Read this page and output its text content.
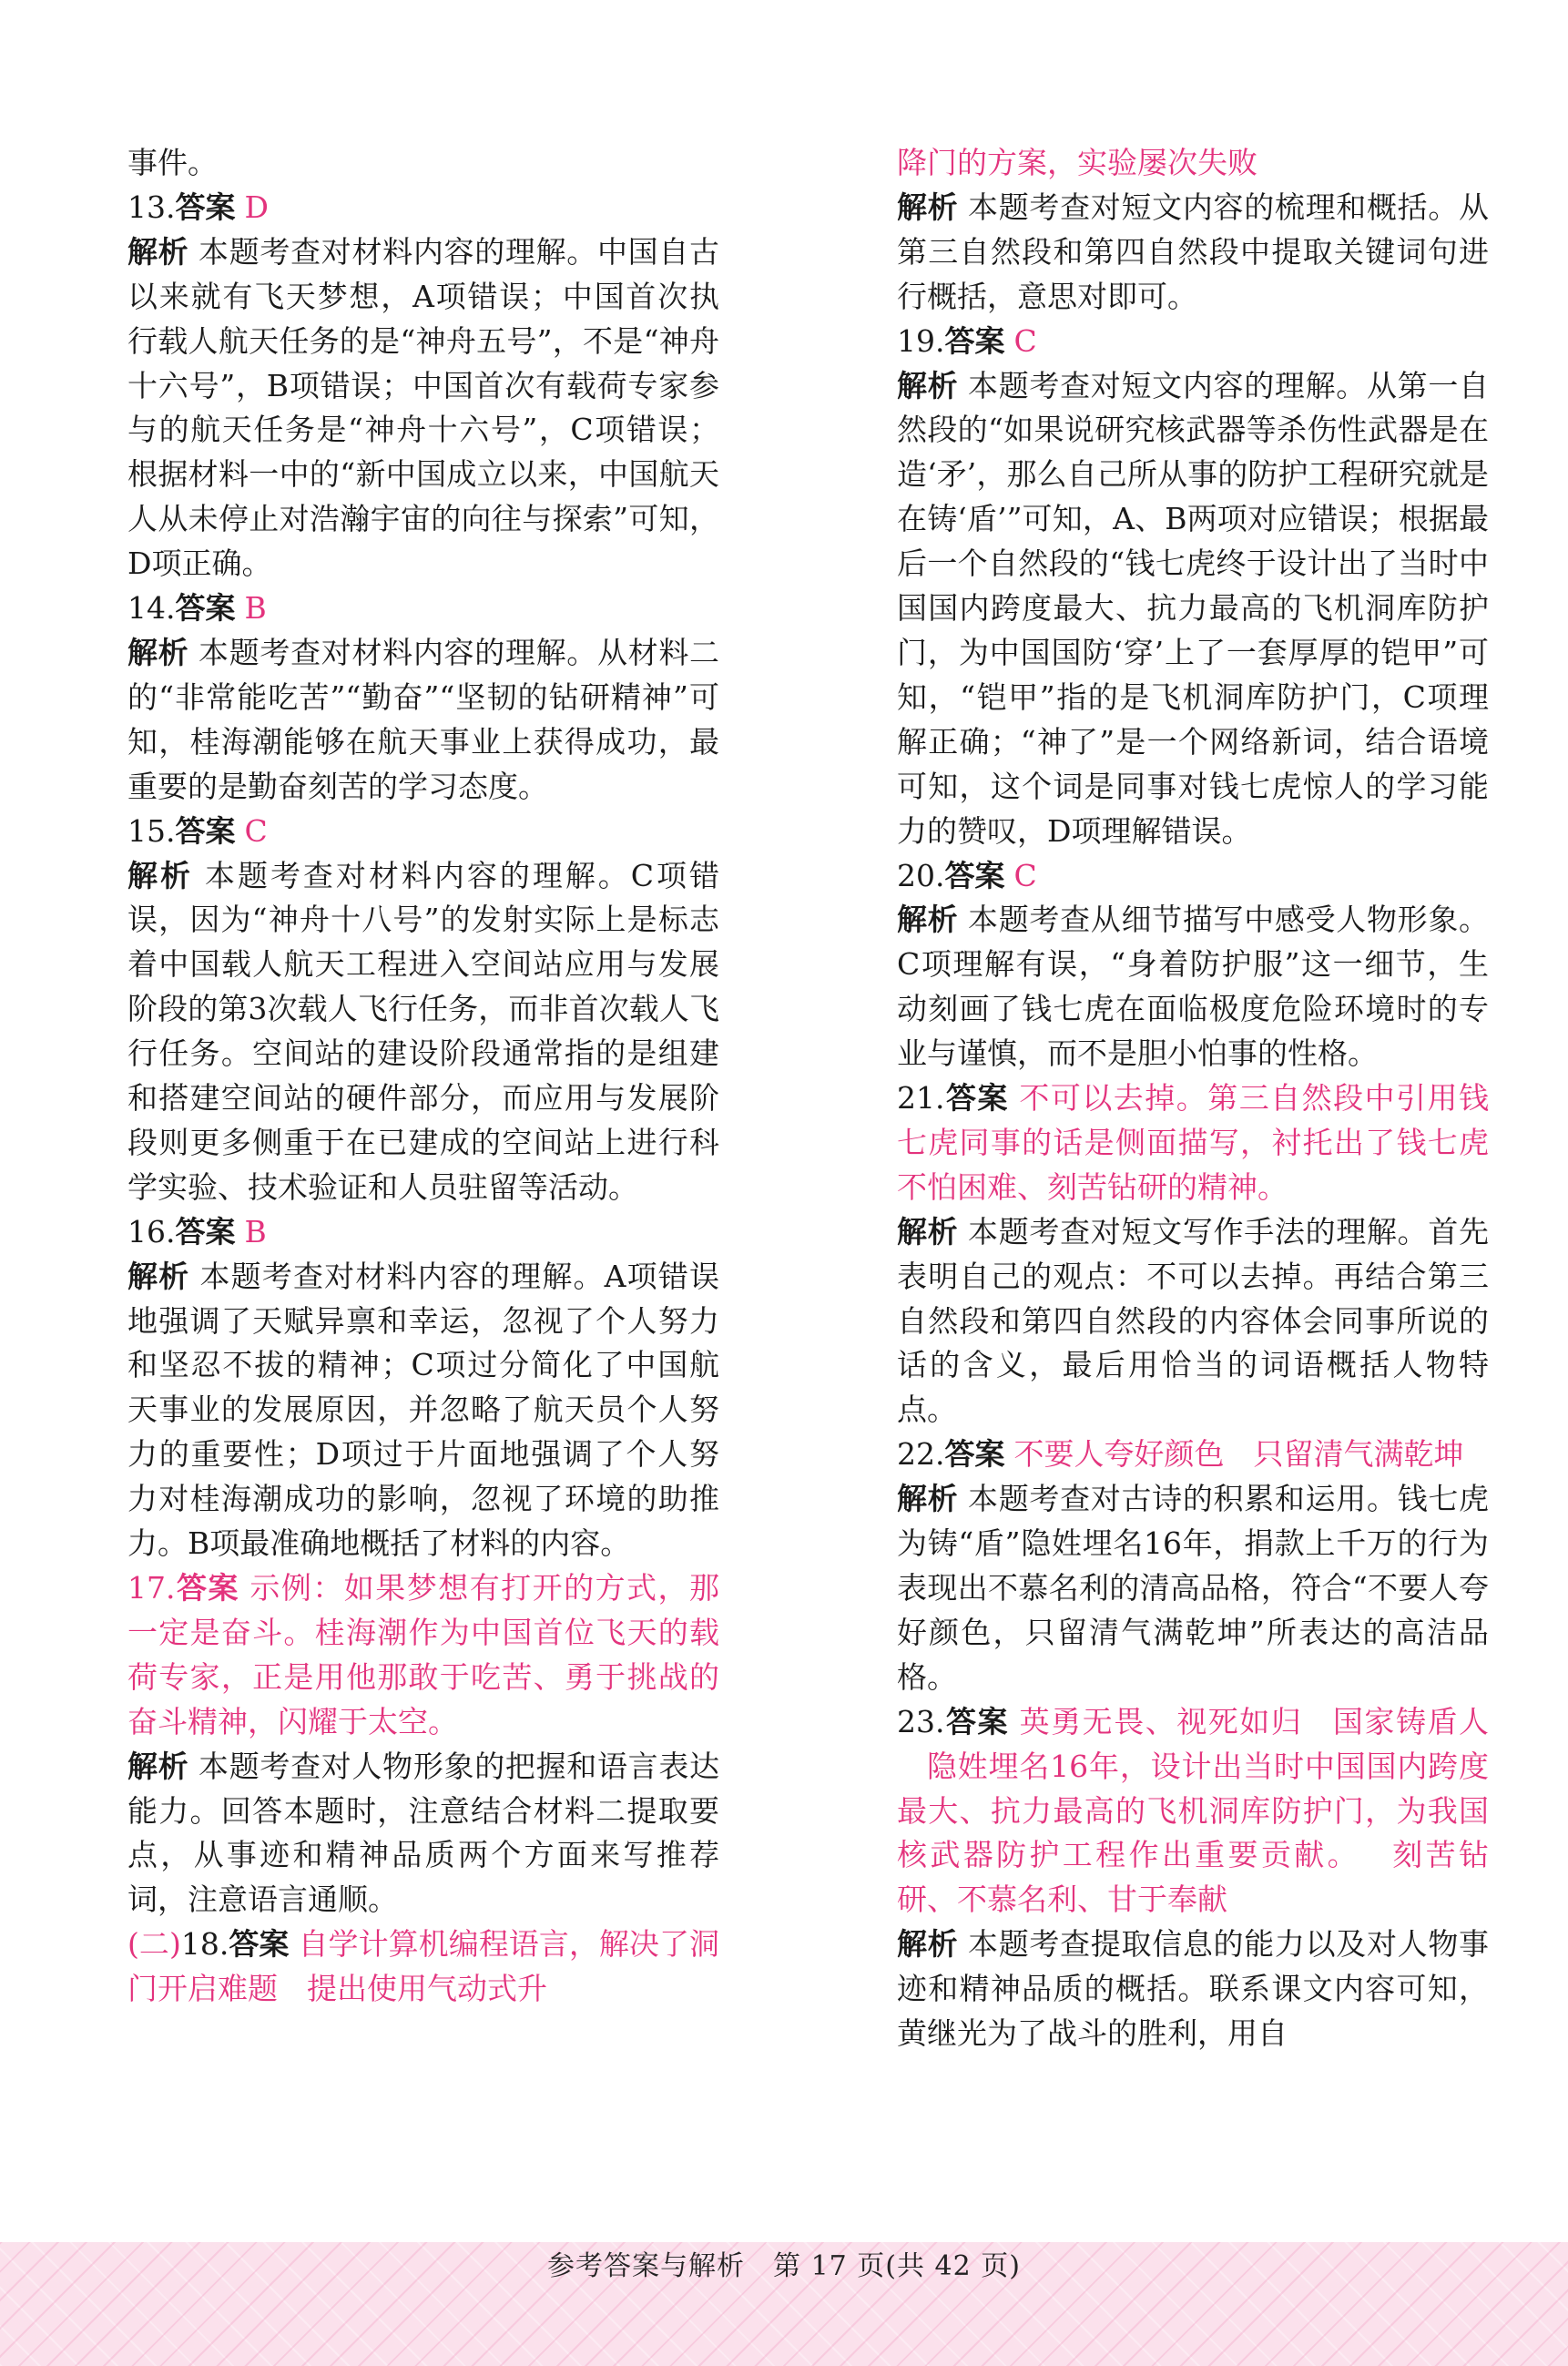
事件。

13.答案 D

解析 本题考查对材料内容的理解。中国自古以来就有飞天梦想，A项错误；中国首次执行载人航天任务的是“神舟五号”，不是“神舟十六号”，B项错误；中国首次有载荷专家参与的航天任务是“神舟十六号”，C项错误；根据材料一中的“新中国成立以来，中国航天人从未停止对浩瀚宇宙的向往与探索”可知，D项正确。

14.答案 B

解析 本题考查对材料内容的理解。从材料二的“非常能吃苦”“勤奋”“坚韧的钻研精神”可知，桂海潮能够在航天事业上获得成功，最重要的是勤奋刻苦的学习态度。

15.答案 C

解析 本题考查对材料内容的理解。C项错误，因为“神舟十八号”的发射实际上是标志着中国载人航天工程进入空间站应用与发展阶段的第3次载人飞行任务，而非首次载人飞行任务。空间站的建设阶段通常指的是组建和搭建空间站的硬件部分，而应用与发展阶段则更多侧重于在已建成的空间站上进行科学实验、技术验证和人员驻留等活动。

16.答案 B

解析 本题考查对材料内容的理解。A项错误地强调了天赋异禀和幸运，忽视了个人努力和坚忍不拔的精神；C项过分简化了中国航天事业的发展原因，并忽略了航天员个人努力的重要性；D项过于片面地强调了个人努力对桂海潮成功的影响，忽视了环境的助推力。B项最准确地概括了材料的内容。

17.答案 示例：如果梦想有打开的方式，那一定是奋斗。桂海潮作为中国首位飞天的载荷专家，正是用他那敢于吃苦、勇于挑战的奋斗精神，闪耀于太空。

解析 本题考查对人物形象的把握和语言表达能力。回答本题时，注意结合材料二提取要点，从事迹和精神品质两个方面来写推荐词，注意语言通顺。

(二)18.答案 自学计算机编程语言，解决了洞门开启难题 提出使用气动式升

降门的方案，实验屡次失败

解析 本题考查对短文内容的梳理和概括。从第三自然段和第四自然段中提取关键词句进行概括，意思对即可。

19.答案 C

解析 本题考查对短文内容的理解。从第一自然段的“如果说研究核武器等杀伤性武器是在造‘矛’，那么自己所从事的防护工程研究就是在铸‘盾’”可知，A、B两项对应错误；根据最后一个自然段的“钱七虎终于设计出了当时中国国内跨度最大、抗力最高的飞机洞库防护门，为中国国防‘穿’上了一套厚厚的铠甲”可知，“铠甲”指的是飞机洞库防护门，C项理解正确；“神了”是一个网络新词，结合语境可知，这个词是同事对钱七虎惊人的学习能力的赞叹，D项理解错误。

20.答案 C

解析 本题考查从细节描写中感受人物形象。C项理解有误，“身着防护服”这一细节，生动刻画了钱七虎在面临极度危险环境时的专业与谨慎，而不是胆小怕事的性格。

21.答案 不可以去掉。第三自然段中引用钱七虎同事的话是侧面描写，衬托出了钱七虎不怕困难、刻苦钻研的精神。

解析 本题考查对短文写作手法的理解。首先表明自己的观点：不可以去掉。再结合第三自然段和第四自然段的内容体会同事所说的话的含义，最后用恰当的词语概括人物特点。

22.答案 不要人夸好颜色 只留清气满乾坤

解析 本题考查对古诗的积累和运用。钱七虎为铸“盾”隐姓埋名16年，捐款上千万的行为表现出不慕名利的清高品格，符合“不要人夸好颜色，只留清气满乾坤”所表达的高洁品格。

23.答案 英勇无畏、视死如归 国家铸盾人隐姓埋名16年，设计出当时中国国内跨度最大、抗力最高的飞机洞库防护门，为我国核武器防护工程作出重要贡献。 刻苦钻研、不慕名利、甘于奉献

解析 本题考查提取信息的能力以及对人物事迹和精神品质的概括。联系课文内容可知，黄继光为了战斗的胜利，用自

参考答案与解析　第 17 页(共 42 页)
